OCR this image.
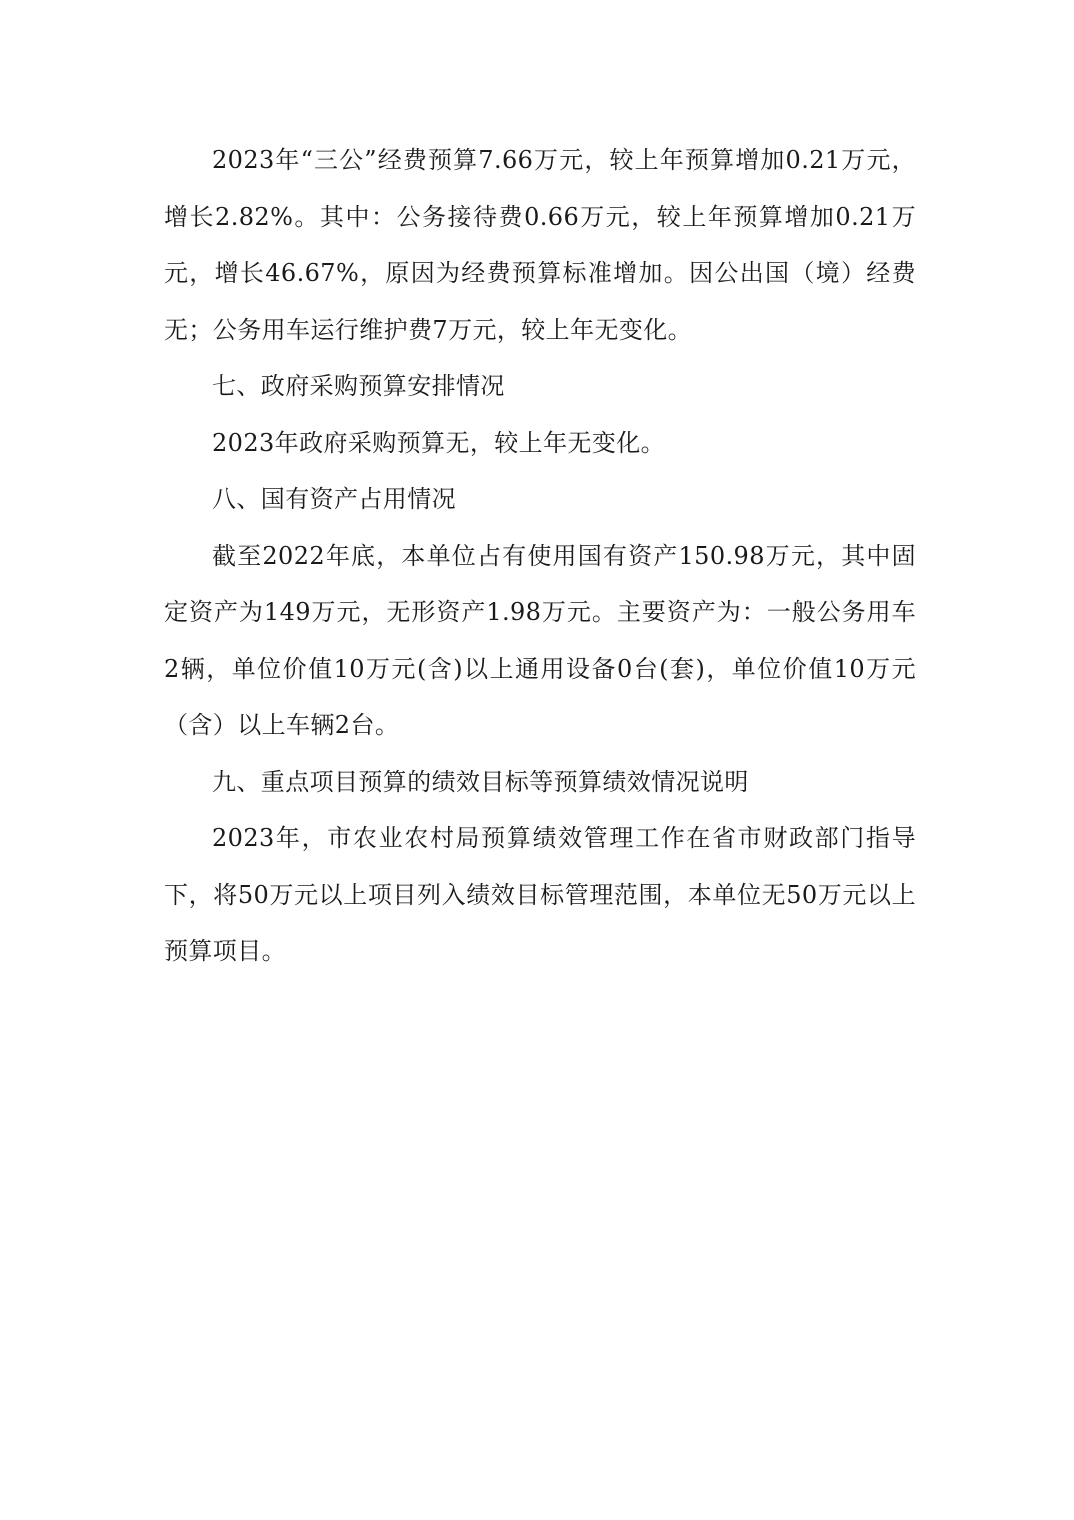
2023年“三公”经费预算7.66万元，较上年预算增加0.21万元，增长2.82%。其中：公务接待费0.66万元，较上年预算增加0.21万元，增长46.67%，原因为经费预算标准增加。因公出国（境）经费无；公务用车运行维护费7万元，较上年无变化。

七、政府采购预算安排情况

2023年政府采购预算无，较上年无变化。

八、国有资产占用情况

截至2022年底，本单位占有使用国有资产150.98万元，其中固定资产为149万元，无形资产1.98万元。主要资产为：一般公务用车2辆，单位价值10万元(含)以上通用设备0台(套)，单位价值10万元（含）以上车辆2台。

九、重点项目预算的绩效目标等预算绩效情况说明

2023年，市农业农村局预算绩效管理工作在省市财政部门指导下，将50万元以上项目列入绩效目标管理范围，本单位无50万元以上预算项目。
